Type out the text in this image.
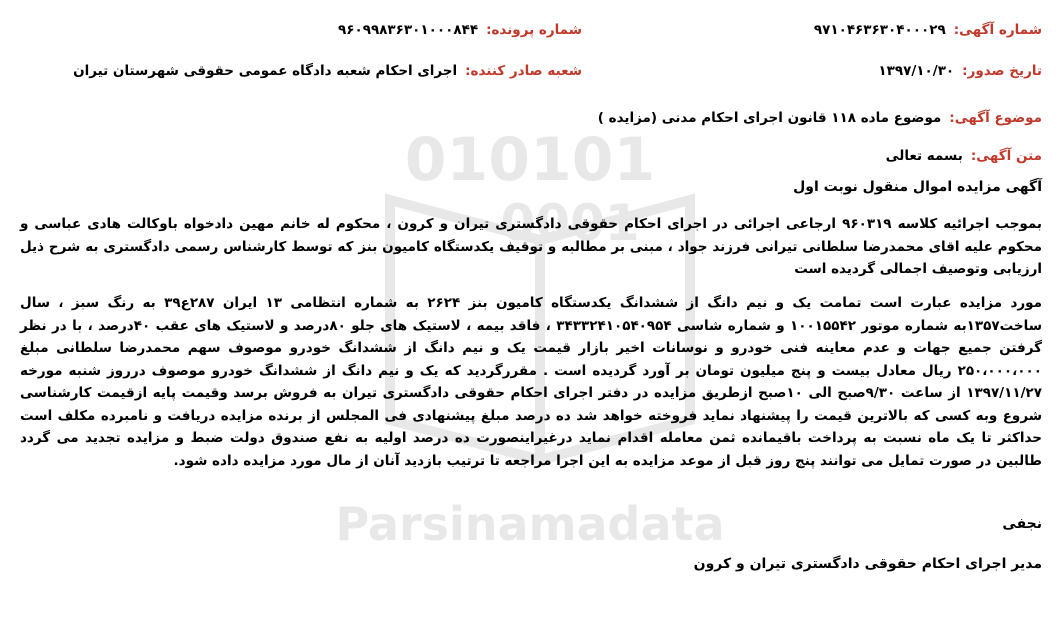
010101
0001
Parsinamadata
شماره آگهی:۹۷۱۰۴۶۳۶۳۰۴۰۰۰۲۹
شماره پرونده:۹۶۰۹۹۸۳۶۳۰۱۰۰۰۸۴۴
تاریخ صدور:۱۳۹۷/۱۰/۳۰
شعبه صادر کننده:اجرای احکام شعبه دادگاه عمومی حقوقی شهرستان تیران
موضوع آگهی:موضوع ماده ۱۱۸ قانون اجرای احکام مدنی (مزایده )
متن آگهی:بسمه تعالی
آگهی مزایده اموال منقول نوبت اول

بموجب اجرائیه کلاسه ۹۶۰۳۱۹ ارجاعی اجرائی در اجرای احکام حقوقی دادگستری تیران و کرون ، محکوم له خانم مهین دادخواه باوکالت هادی عباسی و محکوم علیه اقای محمدرضا سلطانی تیرانی فرزند جواد ، مبنی بر مطالبه و توقیف یکدستگاه کامیون بنز که توسط کارشناس رسمی دادگستری به شرح ذیل ارزیابی وتوصیف اجمالی گردیده است

مورد مزایده عبارت است تمامت یک و نیم دانگ از ششدانگ یکدستگاه کامیون بنز ۲۶۲۴ به شماره انتظامی ۱۳ ایران ۲۸۷ع۳۹ به رنگ سبز ، سال ساخت۱۳۵۷به شماره موتور ۱۰۰۱۵۵۴۲ و شماره شاسی ۳۴۳۳۲۴۱۰۵۴۰۹۵۴ ، فاقد بیمه ، لاستیک های جلو ۸۰درصد و لاستیک های عقب ۴۰درصد ، با در نظر گرفتن جمیع جهات و عدم معاینه فنی خودرو و نوسانات اخیر بازار قیمت یک و نیم دانگ از ششدانگ خودرو موصوف سهم محمدرضا سلطانی مبلغ ۲۵۰،۰۰۰،۰۰۰ ریال معادل بیست و پنج میلیون تومان بر آورد گردیده است . مقررگردید که یک و نیم دانگ از ششدانگ خودرو موصوف درروز شنبه مورخه ۱۳۹۷/۱۱/۲۷ از ساعت ۹/۳۰صبح الی ۱۰صبح ازطریق مزایده در دفتر اجرای احکام حقوقی دادگستری تیران به فروش برسد وقیمت پایه ازقیمت کارشناسی شروع وبه کسی که بالاترین قیمت را پیشنهاد نماید فروخته خواهد شد ده درصد مبلغ پیشنهادی فی المجلس از برنده مزایده دریافت و نامبرده مکلف است حداکثر تا یک ماه نسبت به پرداخت باقیمانده ثمن معامله اقدام نماید درغیراینصورت ده درصد اولیه به نفع صندوق دولت ضبط و مزایده تجدید می گردد طالبین در صورت تمایل می توانند پنج روز قبل از موعد مزایده به این اجرا مراجعه تا ترتیب بازدید آنان از مال مورد مزایده داده شود.

نجفی
مدیر اجرای احکام حقوقی دادگستری تیران و کرون
